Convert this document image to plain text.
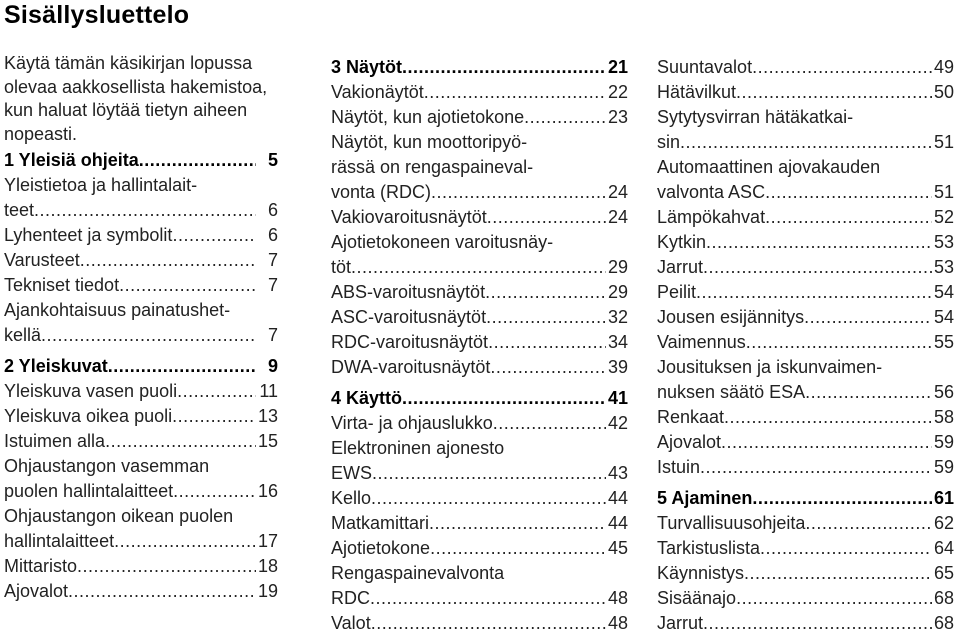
Sisällysluettelo
Käytä tämän käsikirjan lopussa
olevaa aakkosellista hakemistoa,
kun haluat löytää tietyn aiheen
nopeasti.
1 Yleisiä ohjeita .....	5
Yleistietoa ja hallintalait-
teet .....	6
Lyhenteet ja symbolit .....	6
Varusteet .....	7
Tekniset tiedot .....	7
Ajankohtaisuus painatushet-
kellä .....	7
2 Yleiskuvat .....	9
Yleiskuva vasen puoli .....	11
Yleiskuva oikea puoli .....	13
Istuimen alla .....	15
Ohjaustangon vasemman
puolen hallintalaitteet .....	16
Ohjaustangon oikean puolen
hallintalaitteet .....	17
Mittaristo .....	18
Ajovalot .....	19
3 Näytöt .....	21
Vakionäytöt .....	22
Näytöt, kun ajotietokone .....	23
Näytöt, kun moottoripyö-
rässä on rengaspaineval-
vonta (RDC) .....	24
Vakiovaroitusnäytöt .....	24
Ajotietokoneen varoitusnäy-
töt .....	29
ABS-varoitusnäytöt .....	29
ASC-varoitusnäytöt .....	32
RDC-varoitusnäytöt .....	34
DWA-varoitusnäytöt .....	39
4 Käyttö .....	41
Virta- ja ohjauslukko .....	42
Elektroninen ajonesto
EWS .....	43
Kello .....	44
Matkamittari .....	44
Ajotietokone .....	45
Rengaspainevalvonta
RDC .....	48
Valot .....	48
Suuntavalot .....	49
Hätävilkut .....	50
Sytytysvirran hätäkatkai-
sin .....	51
Automaattinen ajovakauden
valvonta ASC .....	51
Lämpökahvat .....	52
Kytkin .....	53
Jarrut .....	53
Peilit .....	54
Jousen esijännitys .....	54
Vaimennus .....	55
Jousituksen ja iskunvaimen-
nuksen säätö ESA .....	56
Renkaat .....	58
Ajovalot .....	59
Istuin .....	59
5 Ajaminen .....	61
Turvallisuusohjeita .....	62
Tarkistuslista .....	64
Käynnistys .....	65
Sisäänajo .....	68
Jarrut .....	68
